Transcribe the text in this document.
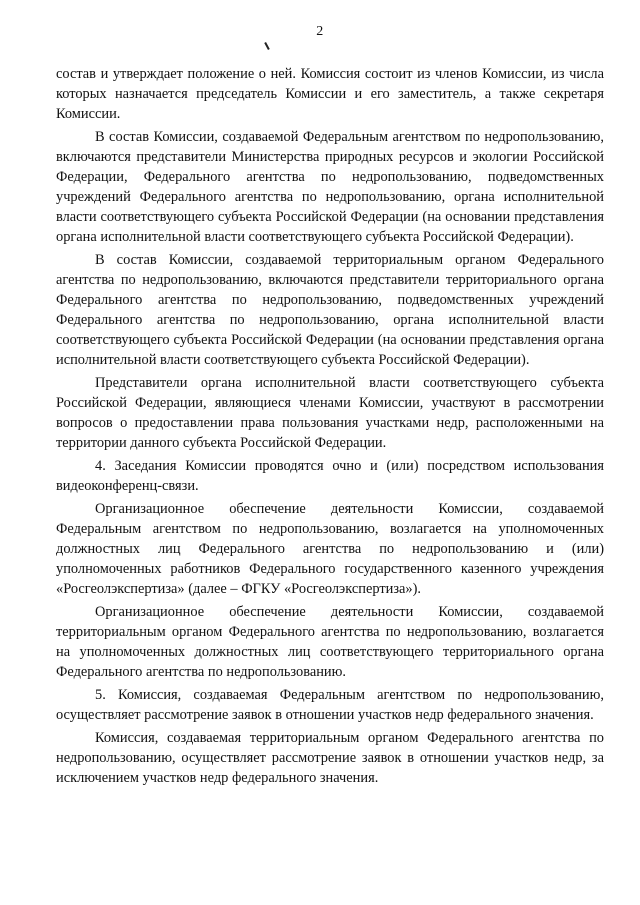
2

состав и утверждает положение о ней. Комиссия состоит из членов Комиссии, из числа которых назначается председатель Комиссии и его заместитель, а также секретаря Комиссии.

В состав Комиссии, создаваемой Федеральным агентством по недропользованию, включаются представители Министерства природных ресурсов и экологии Российской Федерации, Федерального агентства по недропользованию, подведомственных учреждений Федерального агентства по недропользованию, органа исполнительной власти соответствующего субъекта Российской Федерации (на основании представления органа исполнительной власти соответствующего субъекта Российской Федерации).

В состав Комиссии, создаваемой территориальным органом Федерального агентства по недропользованию, включаются представители территориального органа Федерального агентства по недропользованию, подведомственных учреждений Федерального агентства по недропользованию, органа исполнительной власти соответствующего субъекта Российской Федерации (на основании представления органа исполнительной власти соответствующего субъекта Российской Федерации).

Представители органа исполнительной власти соответствующего субъекта Российской Федерации, являющиеся членами Комиссии, участвуют в рассмотрении вопросов о предоставлении права пользования участками недр, расположенными на территории данного субъекта Российской Федерации.

4. Заседания Комиссии проводятся очно и (или) посредством использования видеоконференц-связи.

Организационное обеспечение деятельности Комиссии, создаваемой Федеральным агентством по недропользованию, возлагается на уполномоченных должностных лиц Федерального агентства по недропользованию и (или) уполномоченных работников Федерального государственного казенного учреждения «Росгеолэкспертиза» (далее – ФГКУ «Росгеолэкспертиза»).

Организационное обеспечение деятельности Комиссии, создаваемой территориальным органом Федерального агентства по недропользованию, возлагается на уполномоченных должностных лиц соответствующего территориального органа Федерального агентства по недропользованию.

5. Комиссия, создаваемая Федеральным агентством по недропользованию, осуществляет рассмотрение заявок в отношении участков недр федерального значения.

Комиссия, создаваемая территориальным органом Федерального агентства по недропользованию, осуществляет рассмотрение заявок в отношении участков недр, за исключением участков недр федерального значения.
